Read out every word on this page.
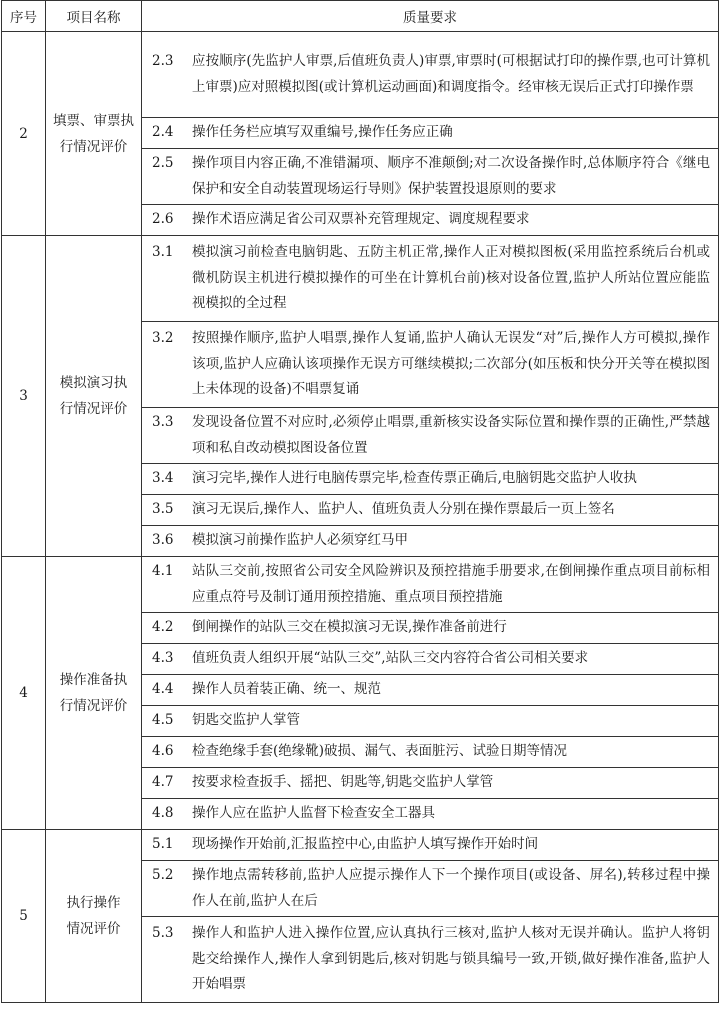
序号	项目名称	质量要求
2	填票、审票执行情况评价	2.3 应按顺序(先监护人审票,后值班负责人)审票,审票时(可根据试打印的操作票,也可计算机上审票)应对照模拟图(或计算机运动画面)和调度指令。经审核无误后正式打印操作票

		2.4 操作任务栏应填写双重编号,操作任务应正确

		2.5 操作项目内容正确,不准错漏项、顺序不准颠倒;对二次设备操作时,总体顺序符合《继电保护和安全自动装置现场运行导则》保护装置投退原则的要求

		2.6 操作术语应满足省公司双票补充管理规定、调度规程要求

3	模拟演习执行情况评价	3.1 模拟演习前检查电脑钥匙、五防主机正常,操作人正对模拟图板(采用监控系统后台机或微机防误主机进行模拟操作的可坐在计算机台前)核对设备位置,监护人所站位置应能监视模拟的全过程

		3.2 按照操作顺序,监护人唱票,操作人复诵,监护人确认无误发“对”后,操作人方可模拟,操作该项,监护人应确认该项操作无误方可继续模拟;二次部分(如压板和快分开关等在模拟图上未体现的设备)不唱票复诵

		3.3 发现设备位置不对应时,必须停止唱票,重新核实设备实际位置和操作票的正确性,严禁越项和私自改动模拟图设备位置

		3.4 演习完毕,操作人进行电脑传票完毕,检查传票正确后,电脑钥匙交监护人收执

		3.5 演习无误后,操作人、监护人、值班负责人分别在操作票最后一页上签名

		3.6 模拟演习前操作监护人必须穿红马甲

4	操作准备执行情况评价	4.1 站队三交前,按照省公司安全风险辨识及预控措施手册要求,在倒闸操作重点项目前标相应重点符号及制订通用预控措施、重点项目预控措施

		4.2 倒闸操作的站队三交在模拟演习无误,操作准备前进行

		4.3 值班负责人组织开展“站队三交”,站队三交内容符合省公司相关要求

		4.4 操作人员着装正确、统一、规范

		4.5 钥匙交监护人掌管

		4.6 检查绝缘手套(绝缘靴)破损、漏气、表面脏污、试验日期等情况

		4.7 按要求检查扳手、摇把、钥匙等,钥匙交监护人掌管

		4.8 操作人应在监护人监督下检查安全工器具

5	执行操作情况评价	5.1 现场操作开始前,汇报监控中心,由监护人填写操作开始时间

		5.2 操作地点需转移前,监护人应提示操作人下一个操作项目(或设备、屏名),转移过程中操作人在前,监护人在后

		5.3 操作人和监护人进入操作位置,应认真执行三核对,监护人核对无误并确认。监护人将钥匙交给操作人,操作人拿到钥匙后,核对钥匙与锁具编号一致,开锁,做好操作准备,监护人开始唱票
